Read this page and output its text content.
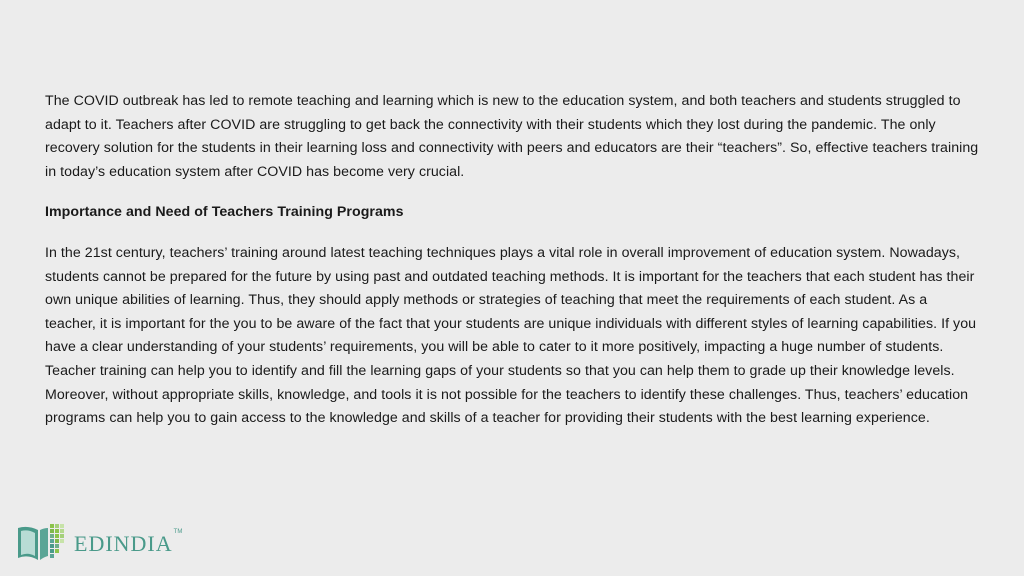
The COVID outbreak has led to remote teaching and learning which is new to the education system, and both teachers and students struggled to adapt to it. Teachers after COVID are struggling to get back the connectivity with their students which they lost during the pandemic. The only recovery solution for the students in their learning loss and connectivity with peers and educators are their “teachers”. So, effective teachers training in today’s education system after COVID has become very crucial.

Importance and Need of Teachers Training Programs

In the 21st century, teachers’ training around latest teaching techniques plays a vital role in overall improvement of education system. Nowadays, students cannot be prepared for the future by using past and outdated teaching methods. It is important for the teachers that each student has their own unique abilities of learning. Thus, they should apply methods or strategies of teaching that meet the requirements of each student. As a teacher, it is important for the you to be aware of the fact that your students are unique individuals with different styles of learning capabilities. If you have a clear understanding of your students’ requirements, you will be able to cater to it more positively, impacting a huge number of students. Teacher training can help you to identify and fill the learning gaps of your students so that you can help them to grade up their knowledge levels. Moreover, without appropriate skills, knowledge, and tools it is not possible for the teachers to identify these challenges. Thus, teachers’ education programs can help you to gain access to the knowledge and skills of a teacher for providing their students with the best learning experience.

EDINDIA TM
